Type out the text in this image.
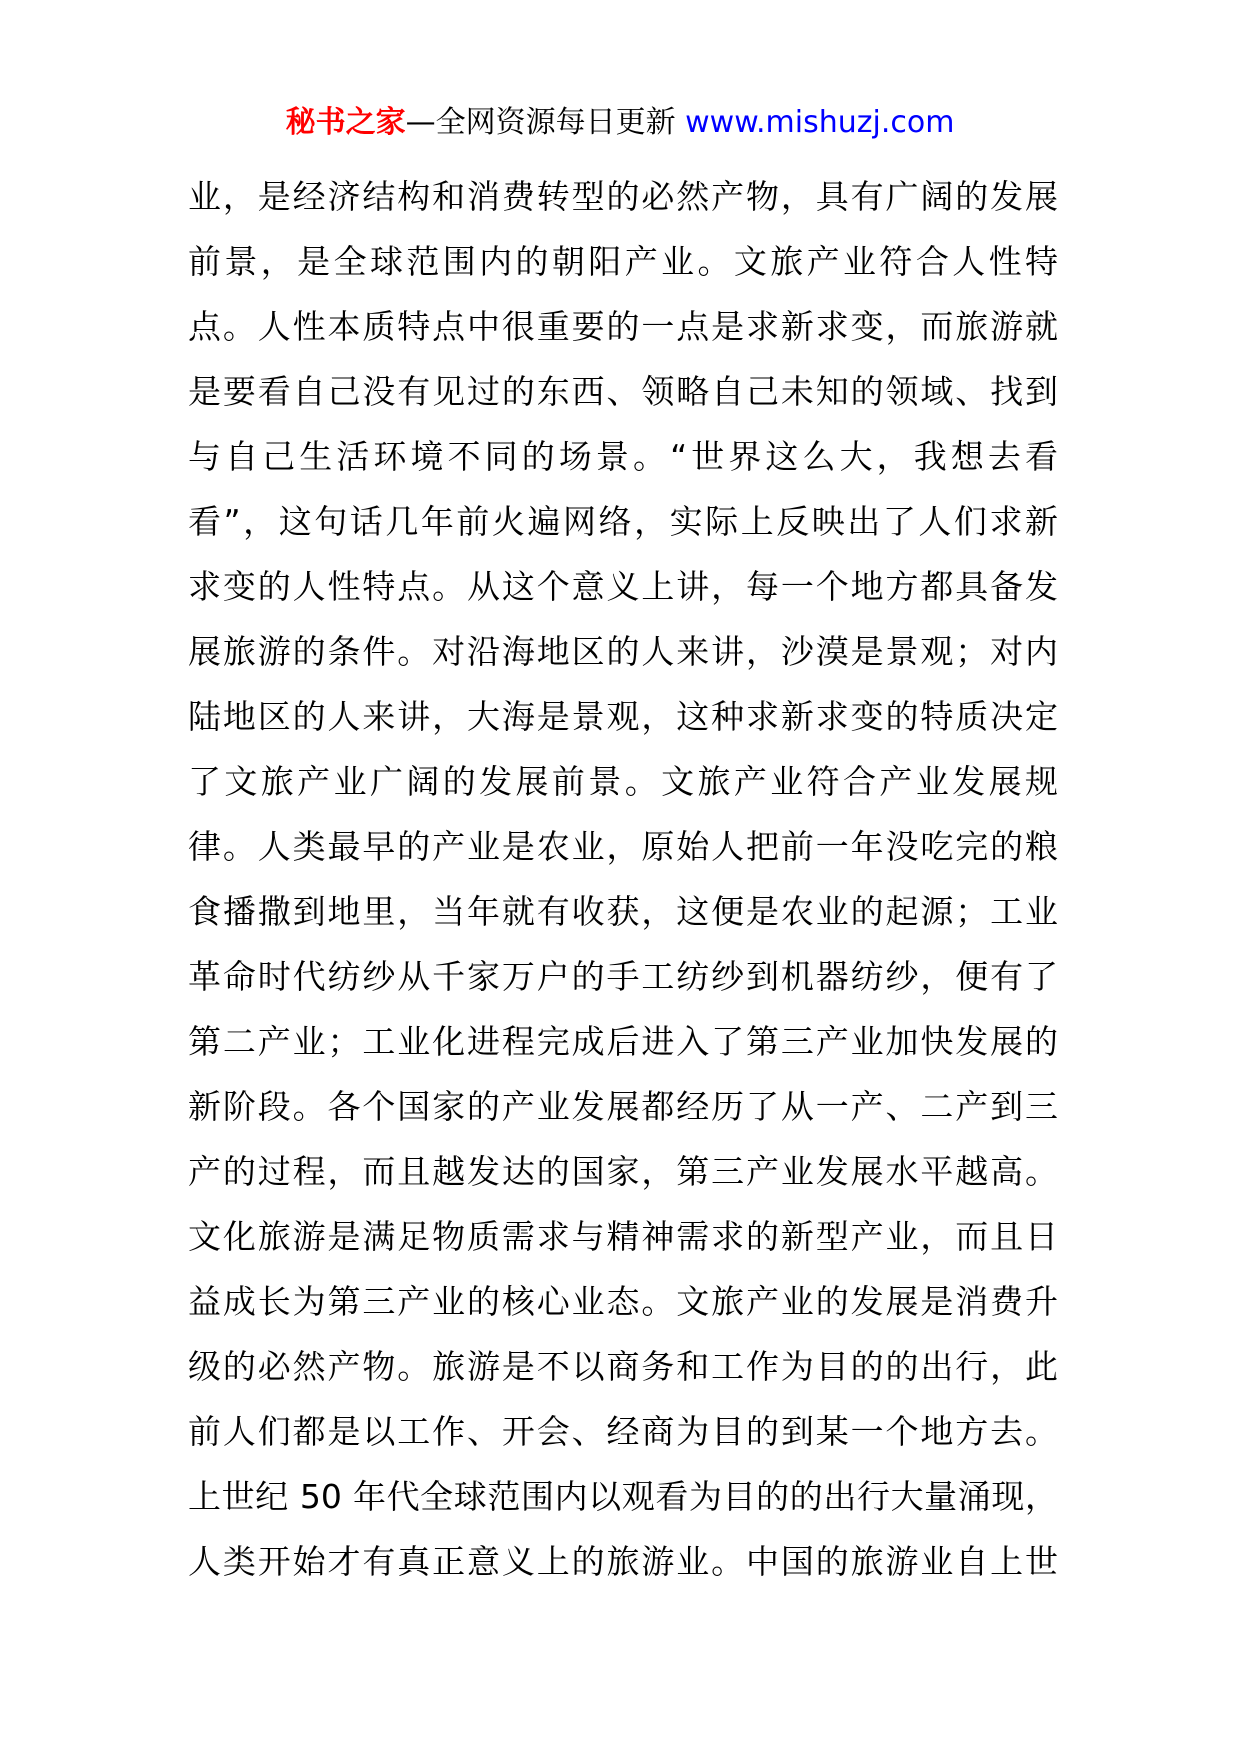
秘书之家—全网资源每日更新 www.mishuzj.com
业，是经济结构和消费转型的必然产物，具有广阔的发展
前景，是全球范围内的朝阳产业。文旅产业符合人性特
点。人性本质特点中很重要的一点是求新求变，而旅游就
是要看自己没有见过的东西、领略自己未知的领域、找到
与自己生活环境不同的场景。“世界这么大，我想去看
看”，这句话几年前火遍网络，实际上反映出了人们求新
求变的人性特点。从这个意义上讲，每一个地方都具备发
展旅游的条件。对沿海地区的人来讲，沙漠是景观；对内
陆地区的人来讲，大海是景观，这种求新求变的特质决定
了文旅产业广阔的发展前景。文旅产业符合产业发展规
律。人类最早的产业是农业，原始人把前一年没吃完的粮
食播撒到地里，当年就有收获，这便是农业的起源；工业
革命时代纺纱从千家万户的手工纺纱到机器纺纱，便有了
第二产业；工业化进程完成后进入了第三产业加快发展的
新阶段。各个国家的产业发展都经历了从一产、二产到三
产的过程，而且越发达的国家，第三产业发展水平越高。
文化旅游是满足物质需求与精神需求的新型产业，而且日
益成长为第三产业的核心业态。文旅产业的发展是消费升
级的必然产物。旅游是不以商务和工作为目的的出行，此
前人们都是以工作、开会、经商为目的到某一个地方去。
上世纪 50 年代全球范围内以观看为目的的出行大量涌现，
人类开始才有真正意义上的旅游业。中国的旅游业自上世
